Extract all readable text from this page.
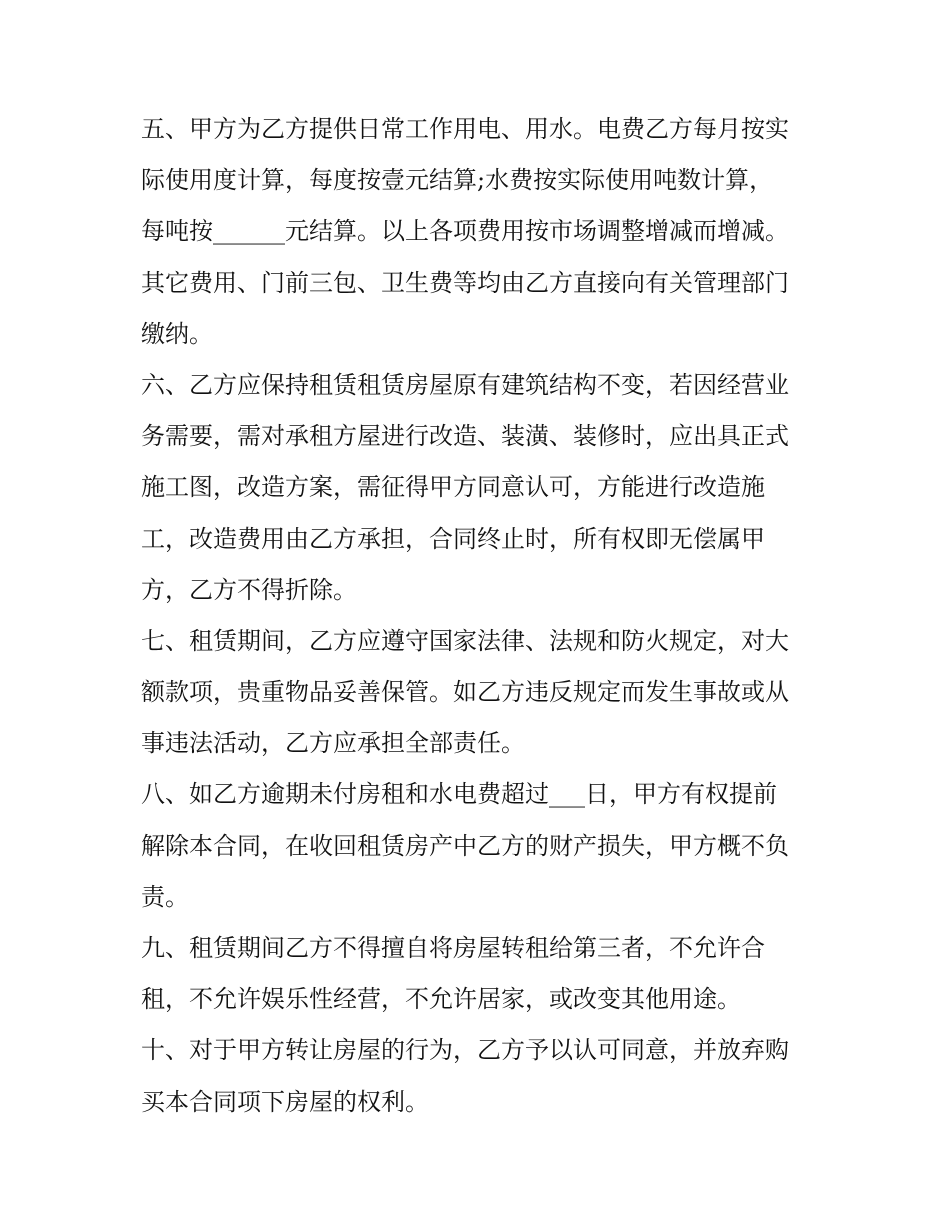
五、甲方为乙方提供日常工作用电、用水。电费乙方每月按实
际使用度计算，每度按壹元结算;水费按实际使用吨数计算，
每吨按______元结算。以上各项费用按市场调整增减而增减。
其它费用、门前三包、卫生费等均由乙方直接向有关管理部门
缴纳。
六、乙方应保持租赁租赁房屋原有建筑结构不变，若因经营业
务需要，需对承租方屋进行改造、装潢、装修时，应出具正式
施工图，改造方案，需征得甲方同意认可，方能进行改造施
工，改造费用由乙方承担，合同终止时，所有权即无偿属甲
方，乙方不得折除。
七、租赁期间，乙方应遵守国家法律、法规和防火规定，对大
额款项，贵重物品妥善保管。如乙方违反规定而发生事故或从
事违法活动，乙方应承担全部责任。
八、如乙方逾期未付房租和水电费超过___日，甲方有权提前
解除本合同，在收回租赁房产中乙方的财产损失，甲方概不负
责。
九、租赁期间乙方不得擅自将房屋转租给第三者，不允许合
租，不允许娱乐性经营，不允许居家，或改变其他用途。
十、对于甲方转让房屋的行为，乙方予以认可同意，并放弃购
买本合同项下房屋的权利。
